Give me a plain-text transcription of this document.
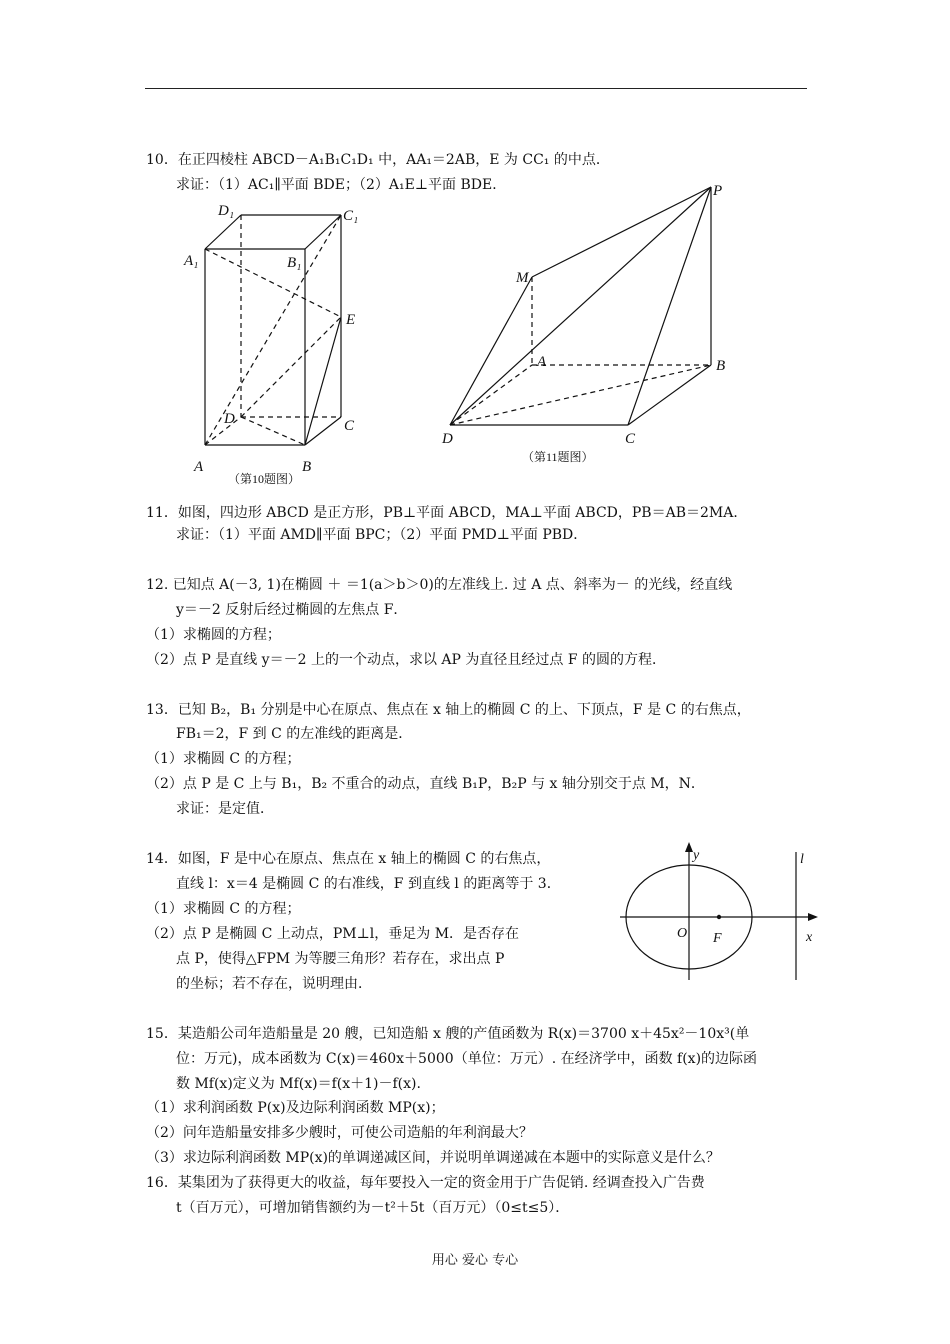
10．在正四棱柱 ABCD－A₁B₁C₁D₁ 中，AA₁＝2AB，E 为 CC₁ 的中点．
求证：（1）AC₁∥平面 BDE；（2）A₁E⊥平面 BDE．
D₁	C₁
A₁	B₁
E
D	C
A	B
（第10题图）
P
M
A	B
D	C
（第11题图）
11．如图，四边形 ABCD 是正方形，PB⊥平面 ABCD，MA⊥平面 ABCD，PB＝AB＝2MA．
求证：（1）平面 AMD∥平面 BPC；（2）平面 PMD⊥平面 PBD．
12. 已知点 A(－3, 1)在椭圆 ＋ ＝1(a＞b＞0)的左准线上. 过 A 点、斜率为－ 的光线，经直线
y＝－2 反射后经过椭圆的左焦点 F．
（1）求椭圆的方程；
（2）点 P 是直线 y＝－2 上的一个动点，求以 AP 为直径且经过点 F 的圆的方程．
13．已知 B₂，B₁ 分别是中心在原点、焦点在 x 轴上的椭圆 C 的上、下顶点，F 是 C 的右焦点，
FB₁＝2，F 到 C 的左准线的距离是．
（1）求椭圆 C 的方程；
（2）点 P 是 C 上与 B₁，B₂ 不重合的动点，直线 B₁P，B₂P 与 x 轴分别交于点 M，N．
求证：是定值．
14．如图，F 是中心在原点、焦点在 x 轴上的椭圆 C 的右焦点，
直线 l：x＝4 是椭圆 C 的右准线，F 到直线 l 的距离等于 3．
（1）求椭圆 C 的方程；
（2）点 P 是椭圆 C 上动点，PM⊥l，垂足为 M．是否存在
点 P，使得△FPM 为等腰三角形？若存在，求出点 P
的坐标；若不存在，说明理由．
y	l
O F	x
15．某造船公司年造船量是 20 艘，已知造船 x 艘的产值函数为 R(x)＝3700 x＋45x²－10x³(单
位：万元)，成本函数为 C(x)＝460x＋5000（单位：万元）. 在经济学中，函数 f(x)的边际函
数 Mf(x)定义为 Mf(x)＝f(x＋1)－f(x).
（1）求利润函数 P(x)及边际利润函数 MP(x)；
（2）问年造船量安排多少艘时，可使公司造船的年利润最大？
（3）求边际利润函数 MP(x)的单调递减区间，并说明单调递减在本题中的实际意义是什么？
16．某集团为了获得更大的收益，每年要投入一定的资金用于广告促销. 经调查投入广告费
t（百万元），可增加销售额约为－t²＋5t（百万元）（0≤t≤5）．
用心 爱心 专心
